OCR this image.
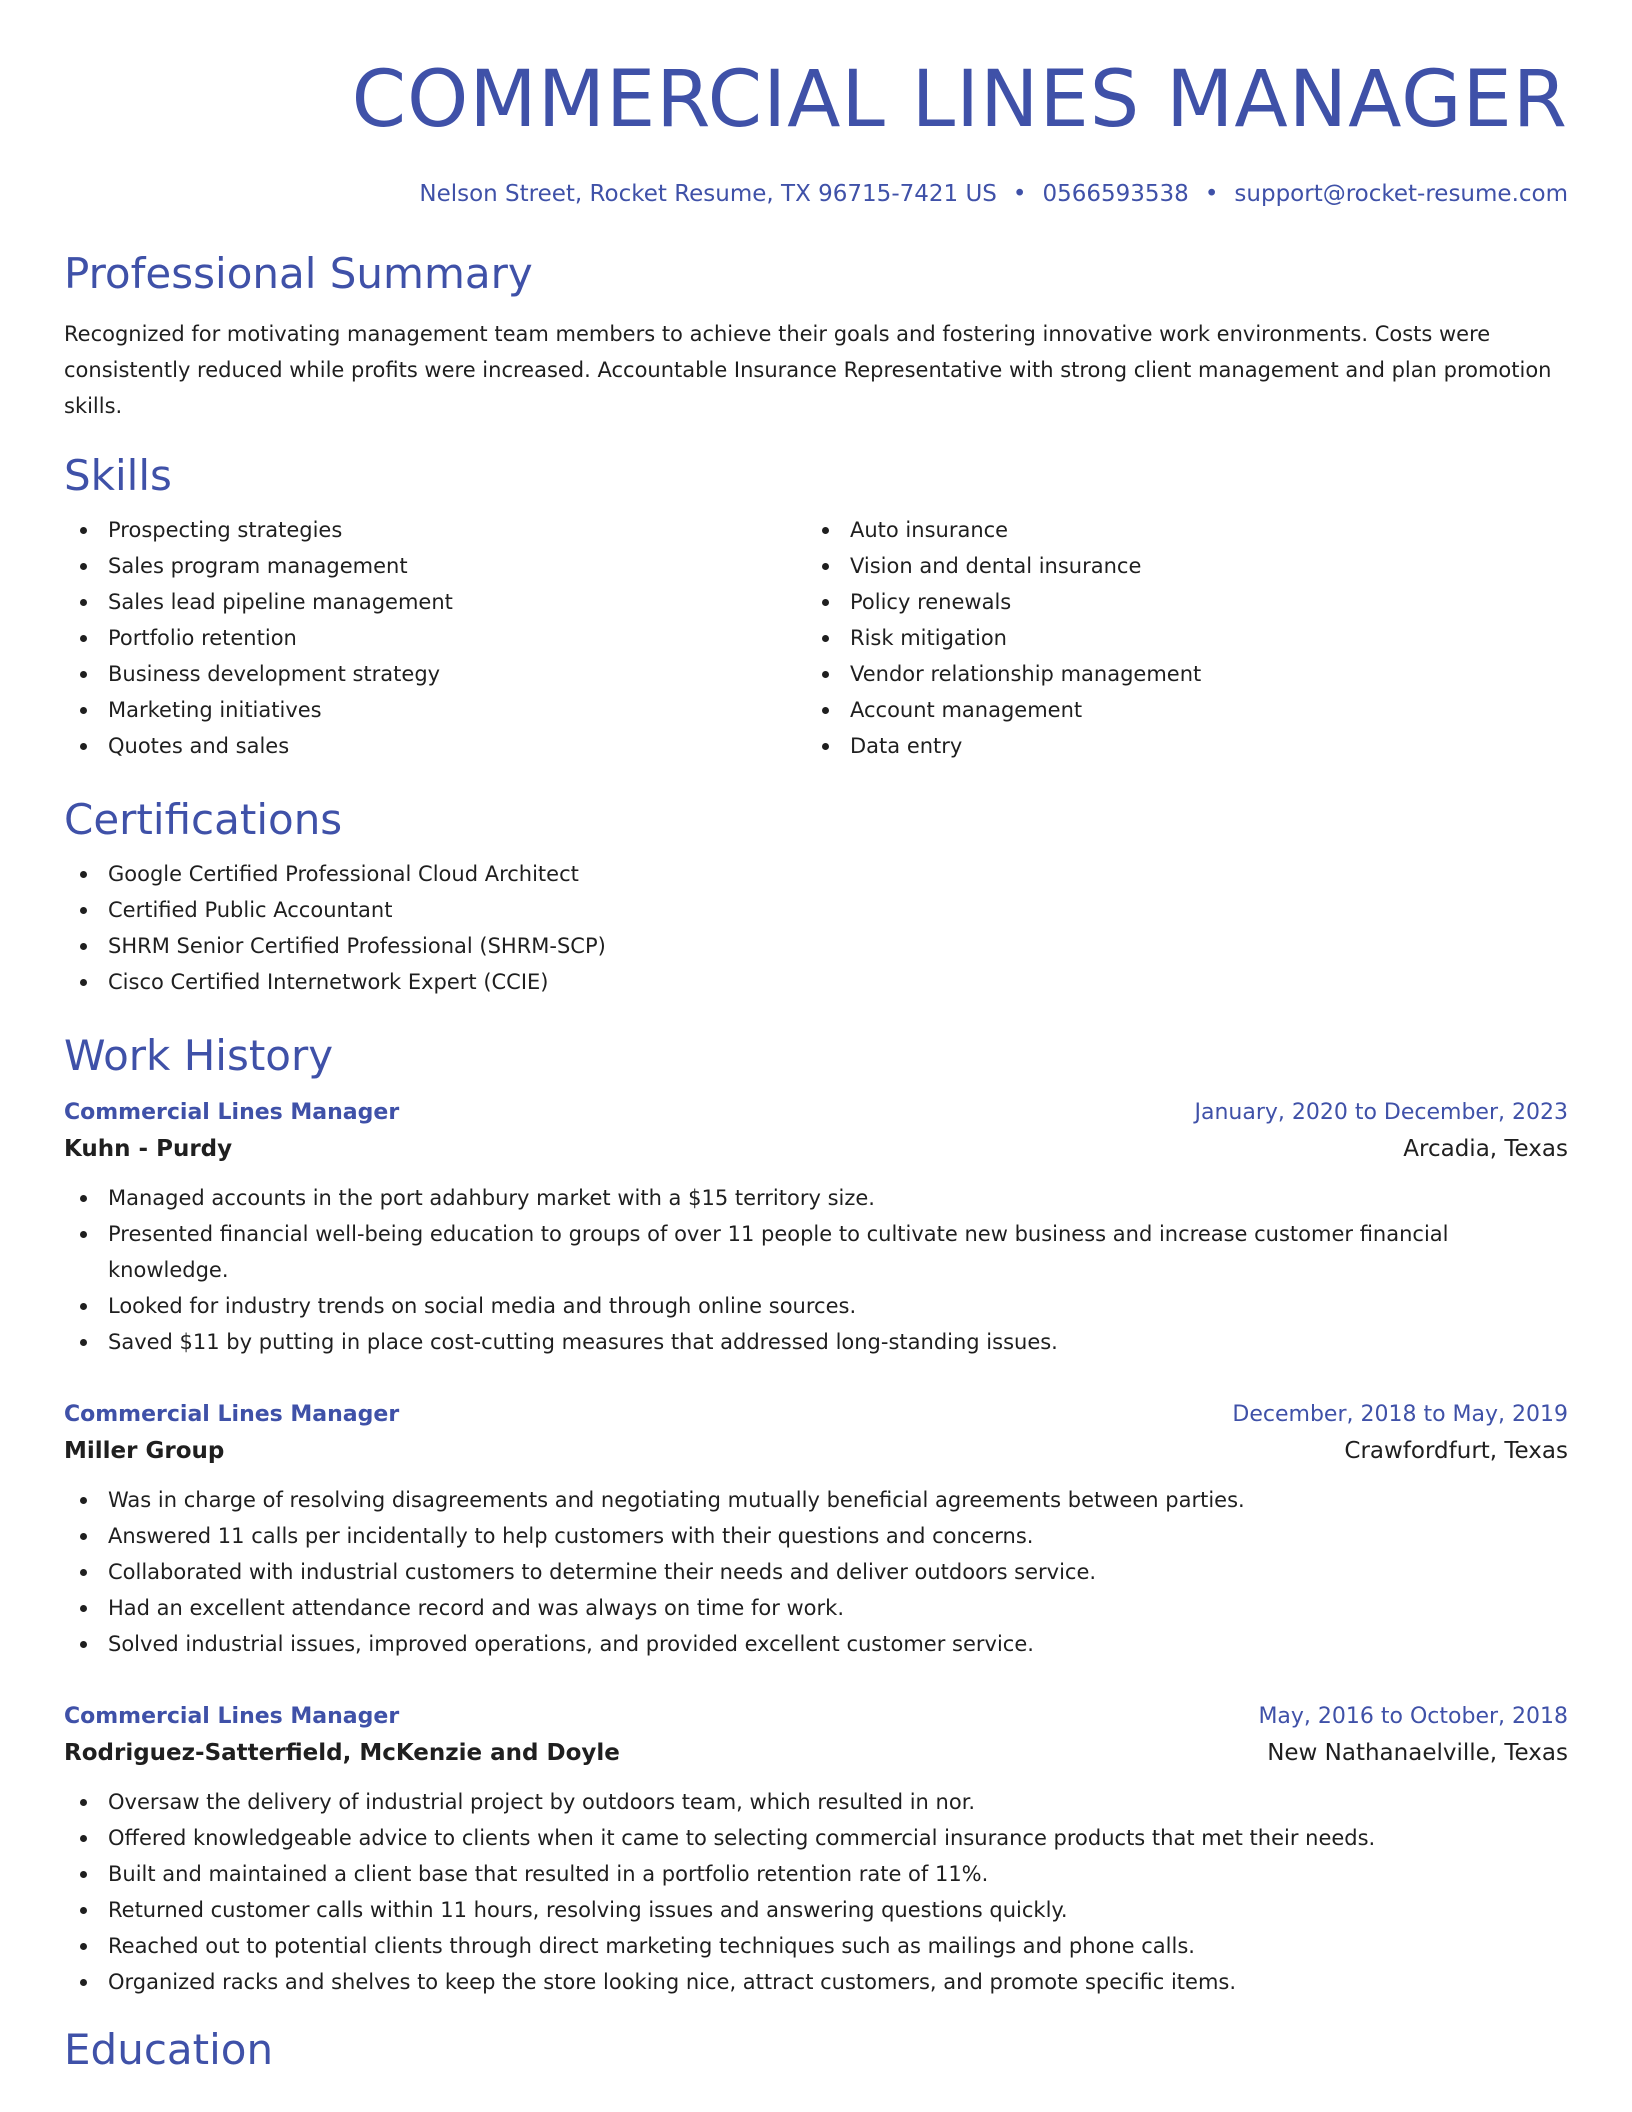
COMMERCIAL LINES MANAGER
Nelson Street, Rocket Resume, TX 96715-7421 US • 0566593538 • support@rocket-resume.com
Professional Summary
Recognized for motivating management team members to achieve their goals and fostering innovative work environments. Costs were consistently reduced while profits were increased. Accountable Insurance Representative with strong client management and plan promotion skills.
Skills
Prospecting strategies
Sales program management
Sales lead pipeline management
Portfolio retention
Business development strategy
Marketing initiatives
Quotes and sales
Auto insurance
Vision and dental insurance
Policy renewals
Risk mitigation
Vendor relationship management
Account management
Data entry
Certifications
Google Certified Professional Cloud Architect
Certified Public Accountant
SHRM Senior Certified Professional (SHRM-SCP)
Cisco Certified Internetwork Expert (CCIE)
Work History
Commercial Lines Manager	January, 2020 to December, 2023
Kuhn - Purdy	Arcadia, Texas
Managed accounts in the port adahbury market with a $15 territory size.
Presented financial well-being education to groups of over 11 people to cultivate new business and increase customer financial knowledge.
Looked for industry trends on social media and through online sources.
Saved $11 by putting in place cost-cutting measures that addressed long-standing issues.
Commercial Lines Manager	December, 2018 to May, 2019
Miller Group	Crawfordfurt, Texas
Was in charge of resolving disagreements and negotiating mutually beneficial agreements between parties.
Answered 11 calls per incidentally to help customers with their questions and concerns.
Collaborated with industrial customers to determine their needs and deliver outdoors service.
Had an excellent attendance record and was always on time for work.
Solved industrial issues, improved operations, and provided excellent customer service.
Commercial Lines Manager	May, 2016 to October, 2018
Rodriguez-Satterfield, McKenzie and Doyle	New Nathanaelville, Texas
Oversaw the delivery of industrial project by outdoors team, which resulted in nor.
Offered knowledgeable advice to clients when it came to selecting commercial insurance products that met their needs.
Built and maintained a client base that resulted in a portfolio retention rate of 11%.
Returned customer calls within 11 hours, resolving issues and answering questions quickly.
Reached out to potential clients through direct marketing techniques such as mailings and phone calls.
Organized racks and shelves to keep the store looking nice, attract customers, and promote specific items.
Education
